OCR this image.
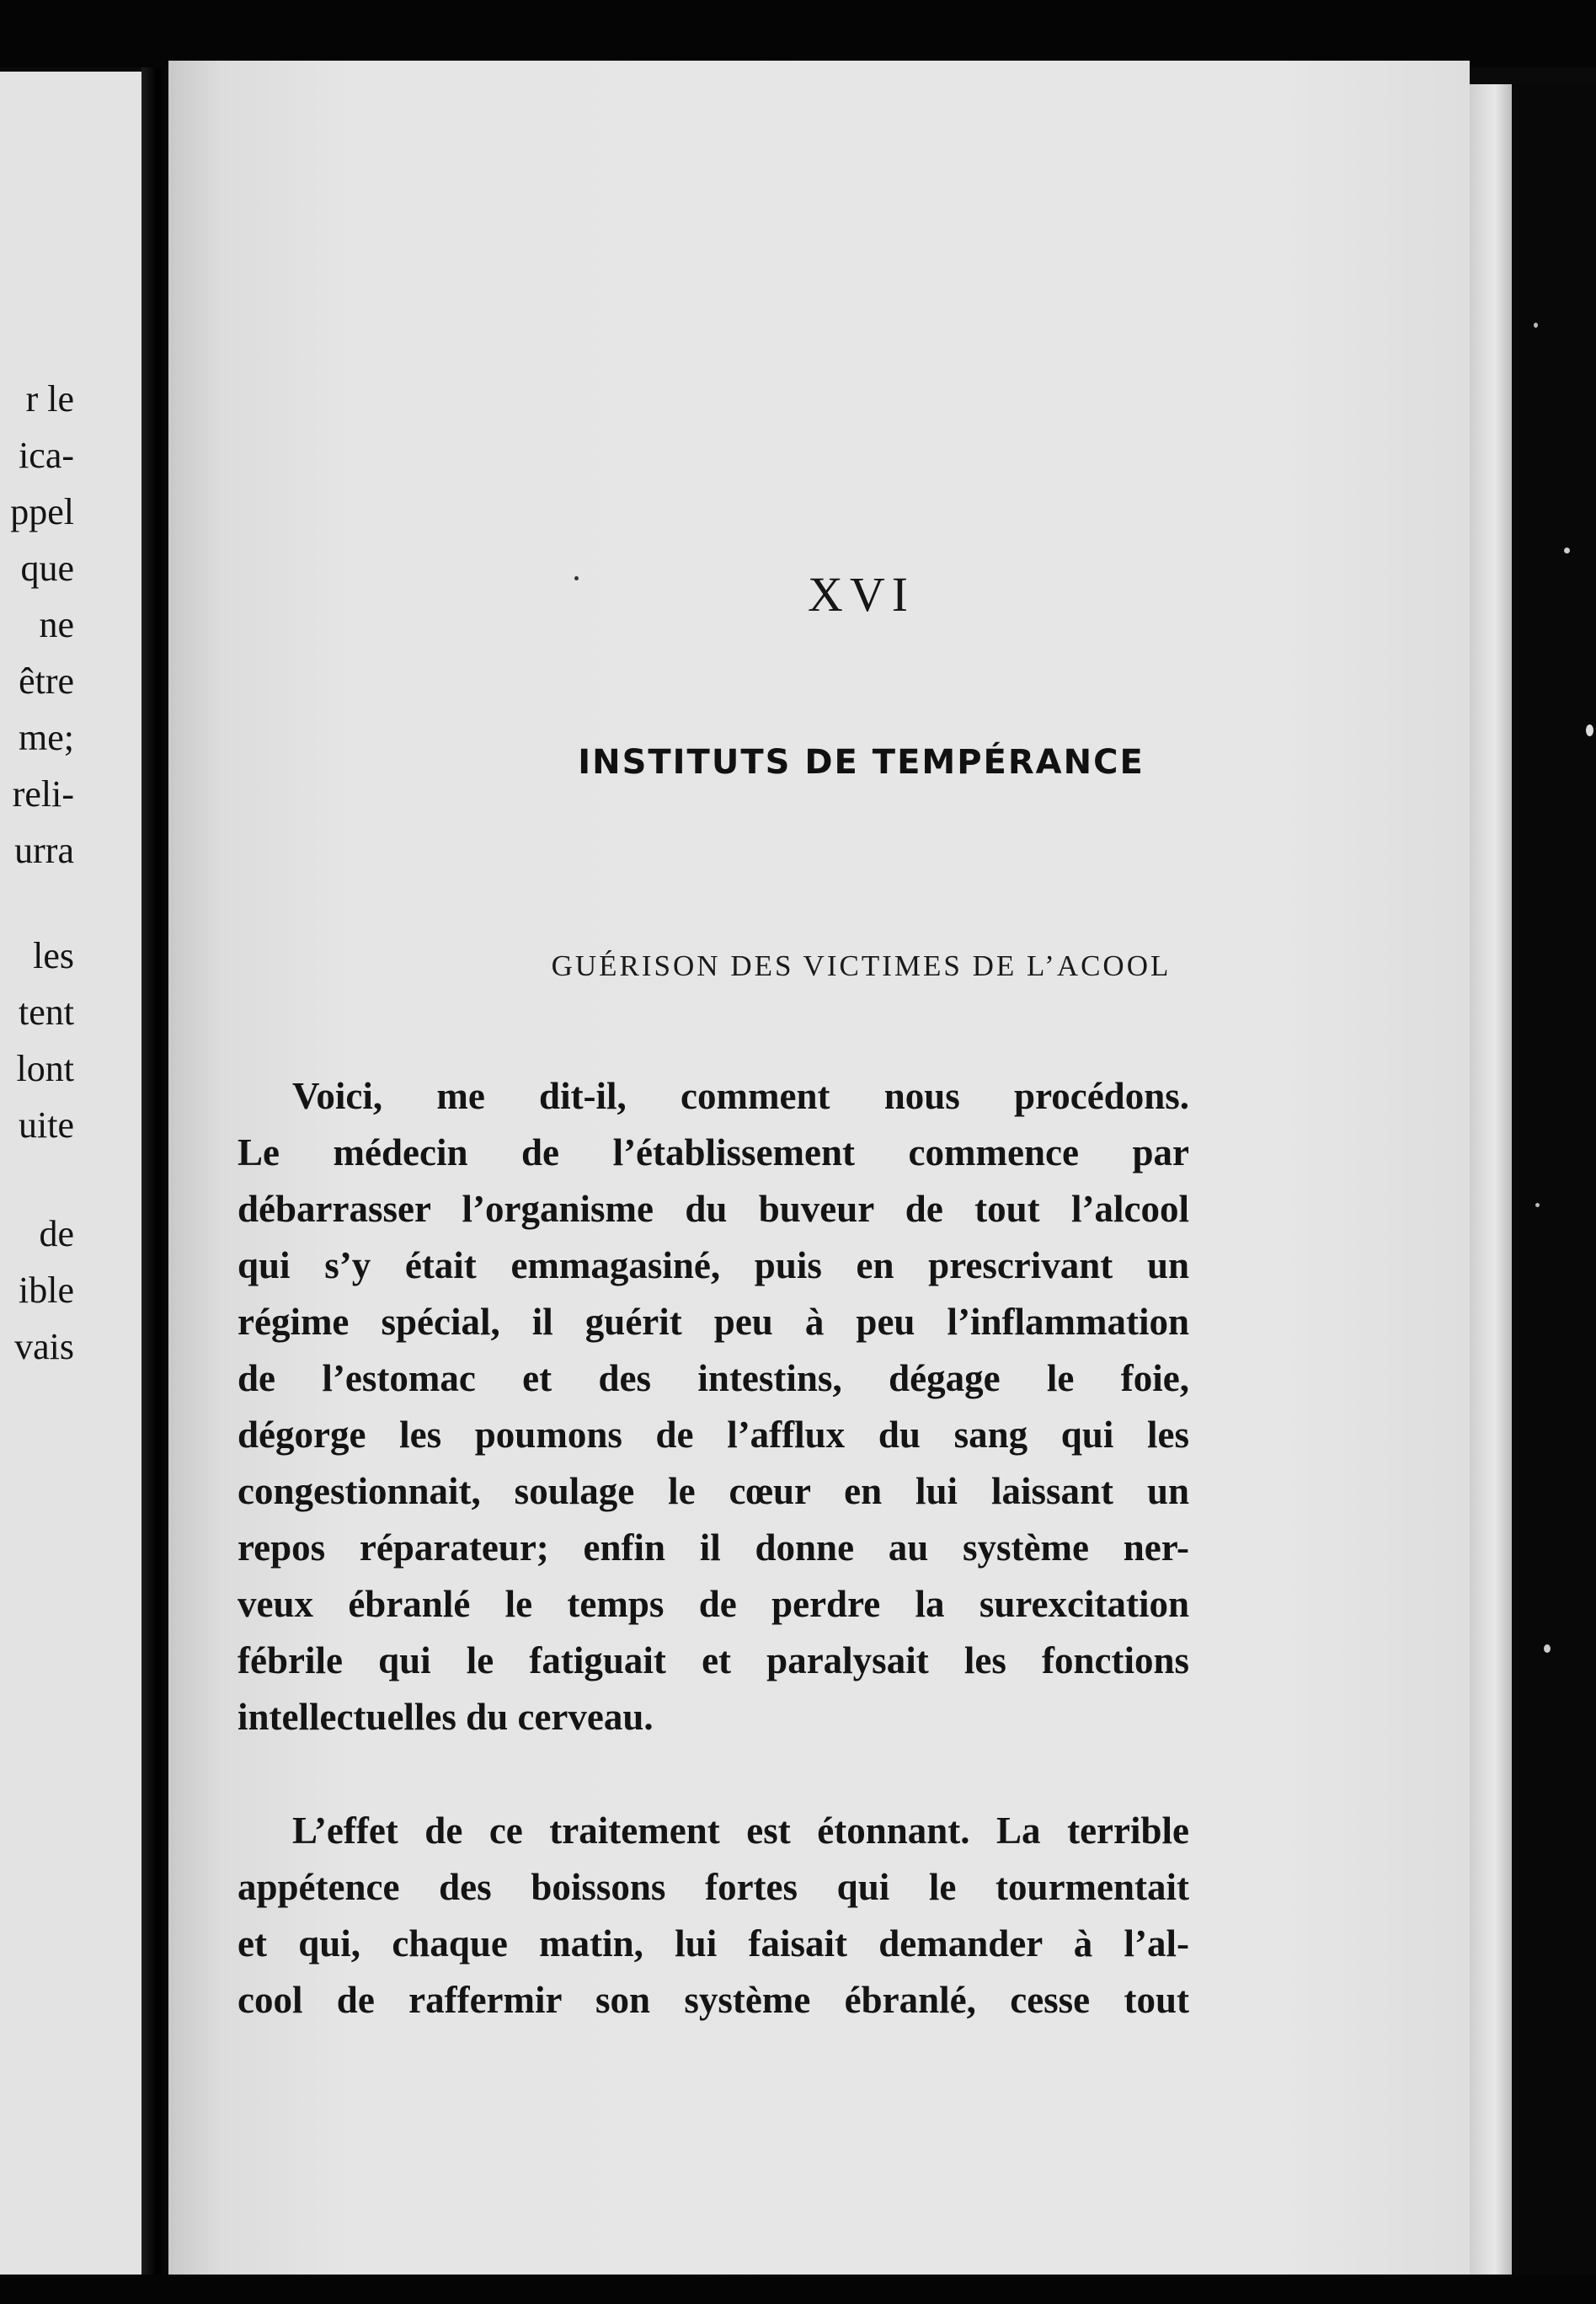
r le
ica-
ppel
que
ne
être
me;
reli-
urra
les
tent
lont
uite
de
ible
vais
XVI
INSTITUTS DE TEMPÉRANCE
GUÉRISON DES VICTIMES DE L’ACOOL
Voici, me dit-il, comment nous procédons.
Le médecin de l’établissement commence par
débarrasser l’organisme du buveur de tout l’alcool
qui s’y était emmagasiné, puis en prescrivant un
régime spécial, il guérit peu à peu l’inflammation
de l’estomac et des intestins, dégage le foie,
dégorge les poumons de l’afflux du sang qui les
congestionnait, soulage le cœur en lui laissant un
repos réparateur; enfin il donne au système ner-
veux ébranlé le temps de perdre la surexcitation
fébrile qui le fatiguait et paralysait les fonctions
intellectuelles du cerveau.
L’effet de ce traitement est étonnant. La terrible
appétence des boissons fortes qui le tourmentait
et qui, chaque matin, lui faisait demander à l’al-
cool de raffermir son système ébranlé, cesse tout
